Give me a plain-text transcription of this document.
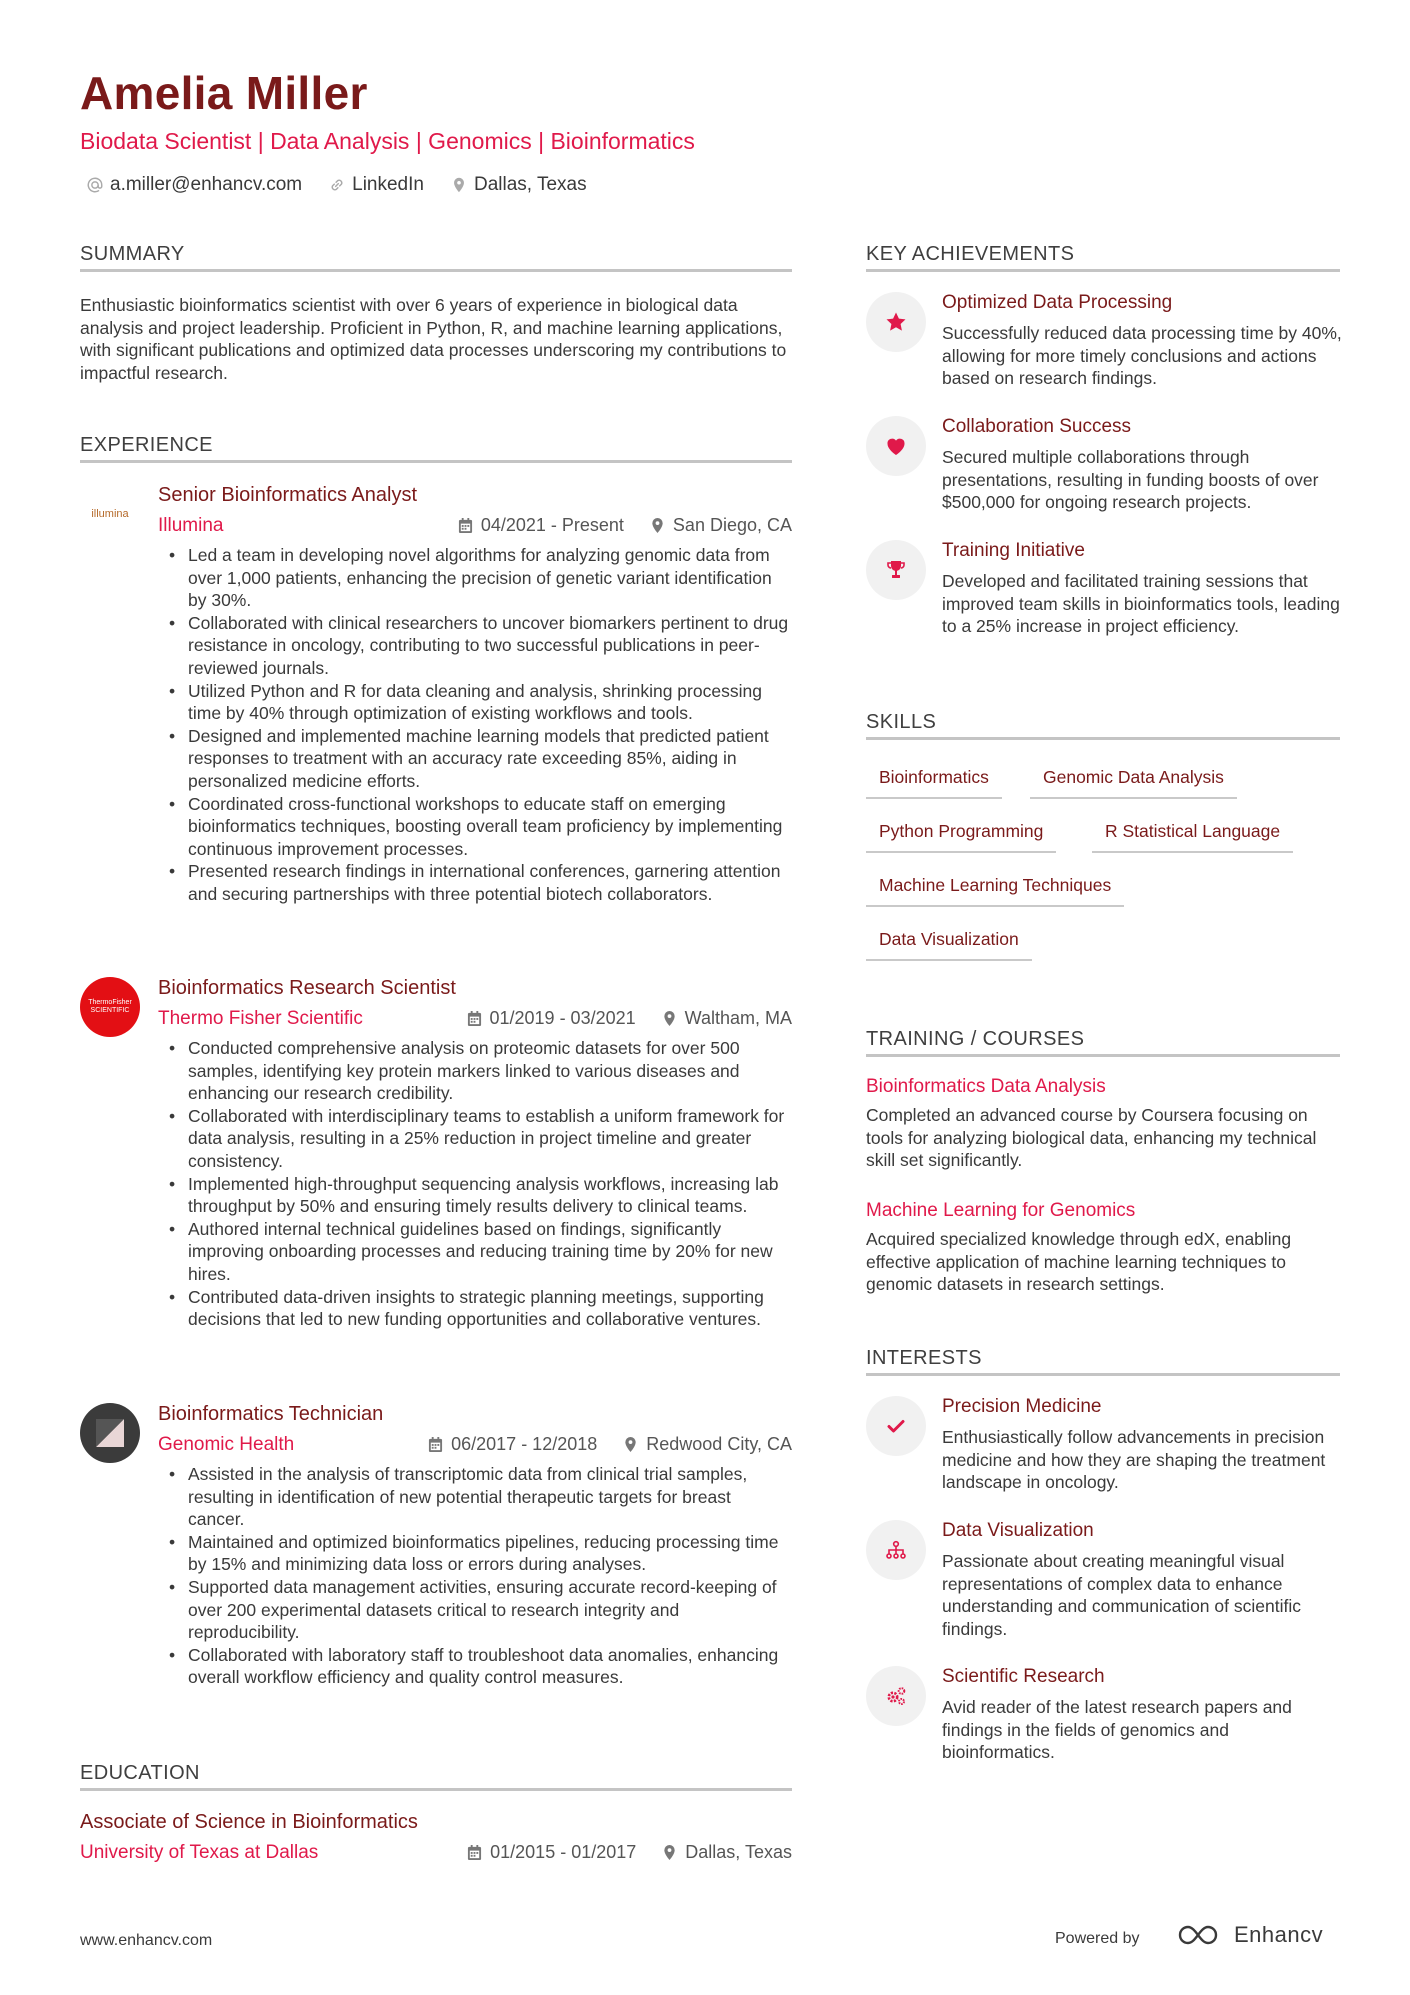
Amelia Miller
Biodata Scientist | Data Analysis | Genomics | Bioinformatics
a.miller@enhancv.com	LinkedIn	Dallas, Texas
SUMMARY
Enthusiastic bioinformatics scientist with over 6 years of experience in biological data analysis and project leadership. Proficient in Python, R, and machine learning applications, with significant publications and optimized data processes underscoring my contributions to impactful research.
EXPERIENCE
illumina
Senior Bioinformatics Analyst
Illumina	04/2021 - Present	San Diego, CA
• Led a team in developing novel algorithms for analyzing genomic data from over 1,000 patients, enhancing the precision of genetic variant identification by 30%.
• Collaborated with clinical researchers to uncover biomarkers pertinent to drug resistance in oncology, contributing to two successful publications in peer-reviewed journals.
• Utilized Python and R for data cleaning and analysis, shrinking processing time by 40% through optimization of existing workflows and tools.
• Designed and implemented machine learning models that predicted patient responses to treatment with an accuracy rate exceeding 85%, aiding in personalized medicine efforts.
• Coordinated cross-functional workshops to educate staff on emerging bioinformatics techniques, boosting overall team proficiency by implementing continuous improvement processes.
• Presented research findings in international conferences, garnering attention and securing partnerships with three potential biotech collaborators.
ThermoFisher SCIENTIFIC
Bioinformatics Research Scientist
Thermo Fisher Scientific	01/2019 - 03/2021	Waltham, MA
• Conducted comprehensive analysis on proteomic datasets for over 500 samples, identifying key protein markers linked to various diseases and enhancing our research credibility.
• Collaborated with interdisciplinary teams to establish a uniform framework for data analysis, resulting in a 25% reduction in project timeline and greater consistency.
• Implemented high-throughput sequencing analysis workflows, increasing lab throughput by 50% and ensuring timely results delivery to clinical teams.
• Authored internal technical guidelines based on findings, significantly improving onboarding processes and reducing training time by 20% for new hires.
• Contributed data-driven insights to strategic planning meetings, supporting decisions that led to new funding opportunities and collaborative ventures.
Bioinformatics Technician
Genomic Health	06/2017 - 12/2018	Redwood City, CA
• Assisted in the analysis of transcriptomic data from clinical trial samples, resulting in identification of new potential therapeutic targets for breast cancer.
• Maintained and optimized bioinformatics pipelines, reducing processing time by 15% and minimizing data loss or errors during analyses.
• Supported data management activities, ensuring accurate record-keeping of over 200 experimental datasets critical to research integrity and reproducibility.
• Collaborated with laboratory staff to troubleshoot data anomalies, enhancing overall workflow efficiency and quality control measures.
EDUCATION
Associate of Science in Bioinformatics
University of Texas at Dallas	01/2015 - 01/2017	Dallas, Texas
KEY ACHIEVEMENTS
Optimized Data Processing
Successfully reduced data processing time by 40%, allowing for more timely conclusions and actions based on research findings.
Collaboration Success
Secured multiple collaborations through presentations, resulting in funding boosts of over $500,000 for ongoing research projects.
Training Initiative
Developed and facilitated training sessions that improved team skills in bioinformatics tools, leading to a 25% increase in project efficiency.
SKILLS
Bioinformatics	Genomic Data Analysis
Python Programming	R Statistical Language
Machine Learning Techniques
Data Visualization
TRAINING / COURSES
Bioinformatics Data Analysis
Completed an advanced course by Coursera focusing on tools for analyzing biological data, enhancing my technical skill set significantly.
Machine Learning for Genomics
Acquired specialized knowledge through edX, enabling effective application of machine learning techniques to genomic datasets in research settings.
INTERESTS
Precision Medicine
Enthusiastically follow advancements in precision medicine and how they are shaping the treatment landscape in oncology.
Data Visualization
Passionate about creating meaningful visual representations of complex data to enhance understanding and communication of scientific findings.
Scientific Research
Avid reader of the latest research papers and findings in the fields of genomics and bioinformatics.
www.enhancv.com	Powered by	Enhancv
